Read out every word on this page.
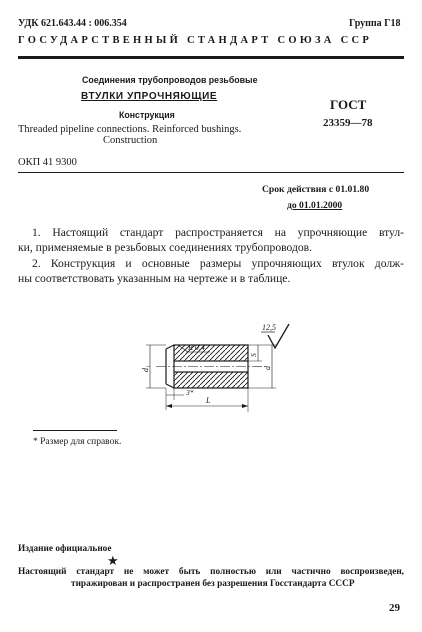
УДК 621.643.44 : 006.354	Группа Г18
ГОСУДАРСТВЕННЫЙ СТАНДАРТ СОЮЗА ССР
Соединения трубопроводов резьбовые
ВТУЛКИ УПРОЧНЯЮЩИЕ
Конструкция
Threaded pipeline connections. Reinforced bushings.
Construction
ГОСТ
23359—78
ОКП 41 9300
Срок действия с 01.01.80
до 01.01.2000
1. Настоящий стандарт распространяется на упрочняющие втул-
ки, применяемые в резьбовых соединениях трубопроводов.
2. Конструкция и основные размеры упрочняющих втулок долж-
ны соответствовать указанным на чертеже и в таблице.
12,5
d₁
S
d
3*
L
* Размер для справок.
Издание официальное
★
Настоящий стандарт не может быть полностью или частично воспроизведен,
тиражирован и распространен без разрешения Госстандарта СССР
29
